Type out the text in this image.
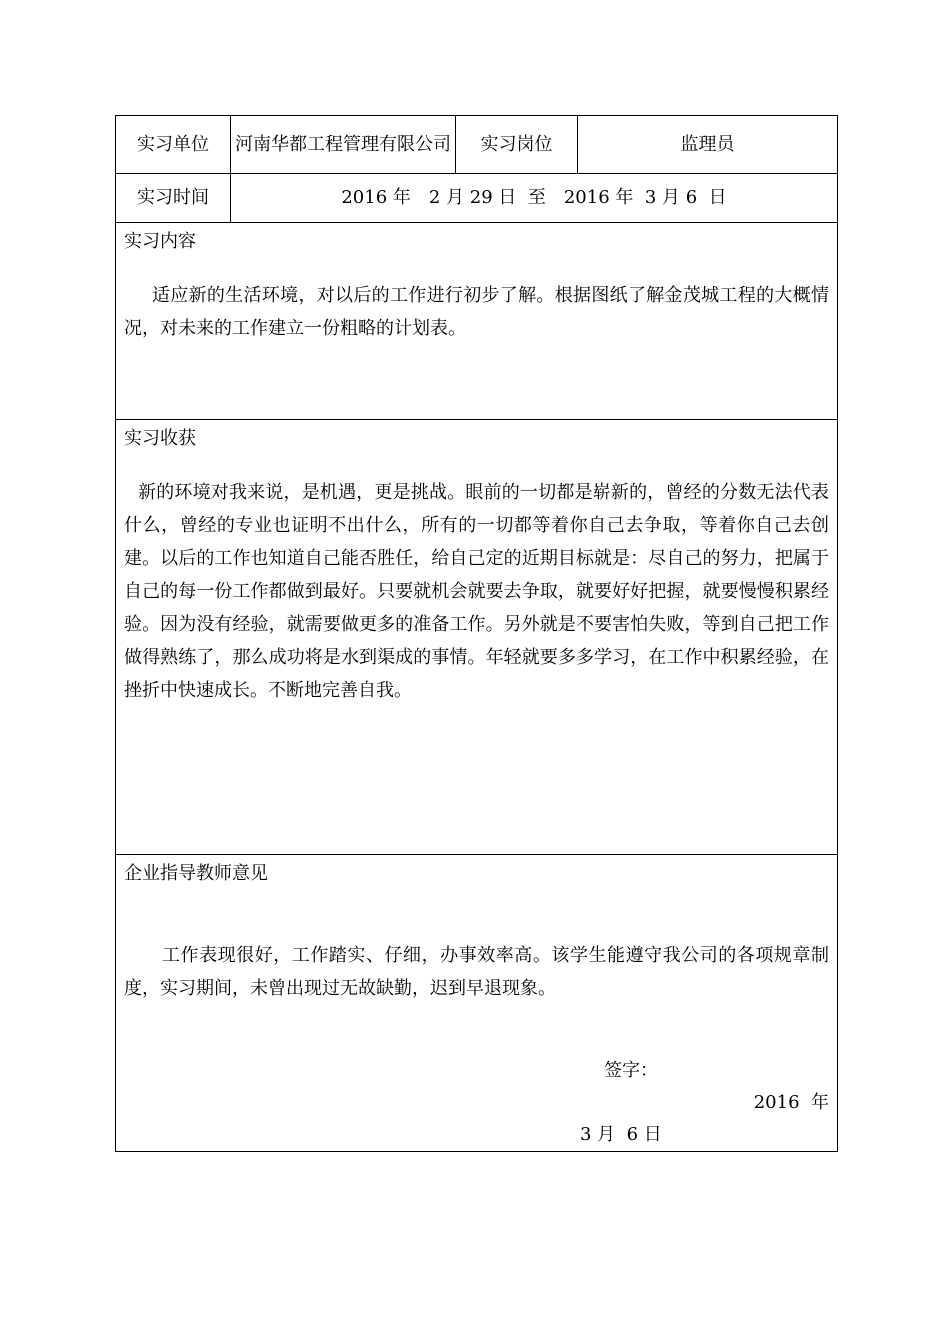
实习单位	河南华都工程管理有限公司	实习岗位	监理员
实习时间	2016 年　2 月 29 日  至　2016 年  3 月 6  日		

实习内容

适应新的生活环境，对以后的工作进行初步了解。根据图纸了解金茂城工程的大概情况，对未来的工作建立一份粗略的计划表。			

实习收获

新的环境对我来说，是机遇，更是挑战。眼前的一切都是崭新的，曾经的分数无法代表什么，曾经的专业也证明不出什么，所有的一切都等着你自己去争取，等着你自己去创建。以后的工作也知道自己能否胜任，给自己定的近期目标就是：尽自己的努力，把属于自己的每一份工作都做到最好。只要就机会就要去争取，就要好好把握，就要慢慢积累经验。因为没有经验，就需要做更多的准备工作。另外就是不要害怕失败，等到自己把工作做得熟练了，那么成功将是水到渠成的事情。年轻就要多多学习，在工作中积累经验，在挫折中快速成长。不断地完善自我。			

企业指导教师意见

工作表现很好，工作踏实、仔细，办事效率高。该学生能遵守我公司的各项规章制度，实习期间，未曾出现过无故缺勤，迟到早退现象。

签字：

2016  年

3 月  6 日			
